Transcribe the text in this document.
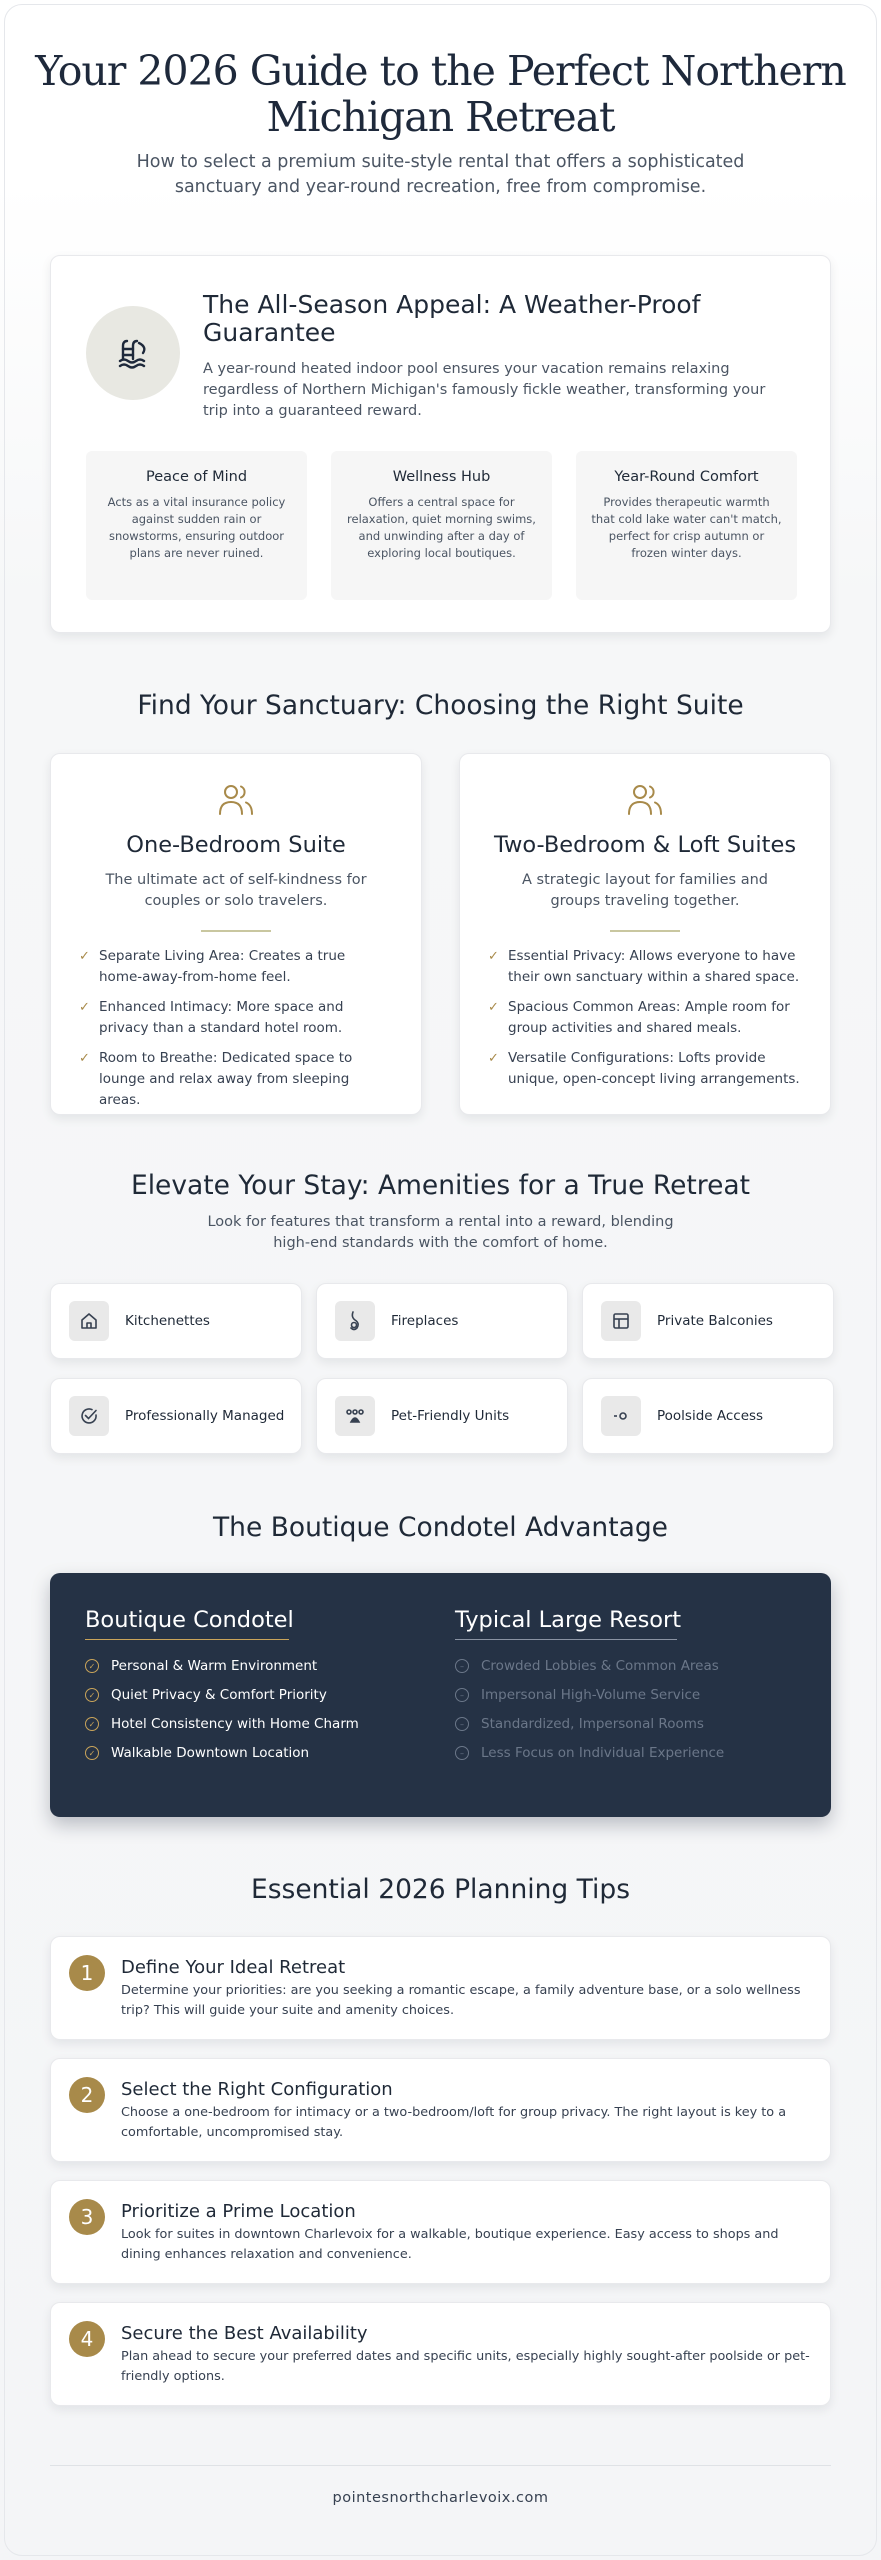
Your 2026 Guide to the Perfect Northern Michigan Retreat

How to select a premium suite-style rental that offers a sophisticated sanctuary and year-round recreation, free from compromise.

The All-Season Appeal: A Weather-Proof Guarantee
A year-round heated indoor pool ensures your vacation remains relaxing regardless of Northern Michigan's famously fickle weather, transforming your trip into a guaranteed reward.
Peace of Mind

Acts as a vital insurance policy against sudden rain or snowstorms, ensuring outdoor plans are never ruined.

Wellness Hub

Offers a central space for relaxation, quiet morning swims, and unwinding after a day of exploring local boutiques.

Year-Round Comfort

Provides therapeutic warmth that cold lake water can't match, perfect for crisp autumn or frozen winter days.

Find Your Sanctuary: Choosing the Right Suite
One-Bedroom Suite

The ultimate act of self-kindness for couples or solo travelers.

✓ Separate Living Area: Creates a true home-away-from-home feel.
✓ Enhanced Intimacy: More space and privacy than a standard hotel room.
✓ Room to Breathe: Dedicated space to lounge and relax away from sleeping areas.
Two-Bedroom & Loft Suites

A strategic layout for families and groups traveling together.

✓ Essential Privacy: Allows everyone to have their own sanctuary within a shared space.
✓ Spacious Common Areas: Ample room for group activities and shared meals.
✓ Versatile Configurations: Lofts provide unique, open-concept living arrangements.
Elevate Your Stay: Amenities for a True Retreat

Look for features that transform a rental into a reward, blending high-end standards with the comfort of home.

Kitchenettes	Fireplaces	Private Balconies
Professionally Managed	Pet-Friendly Units	Poolside Access
The Boutique Condotel Advantage
Boutique Condotel
✓ Personal & Warm Environment
✓ Quiet Privacy & Comfort Priority
✓ Hotel Consistency with Home Charm
✓ Walkable Downtown Location
Typical Large Resort
–	Crowded Lobbies & Common Areas
–	Impersonal High-Volume Service
–	Standardized, Impersonal Rooms
–	Less Focus on Individual Experience
Essential 2026 Planning Tips
1	Define Your Ideal Retreat

Determine your priorities: are you seeking a romantic escape, a family adventure base, or a solo wellness trip? This will guide your suite and amenity choices.

2	Select the Right Configuration

Choose a one-bedroom for intimacy or a two-bedroom/loft for group privacy. The right layout is key to a comfortable, uncompromised stay.

3	Prioritize a Prime Location

Look for suites in downtown Charlevoix for a walkable, boutique experience. Easy access to shops and dining enhances relaxation and convenience.

4	Secure the Best Availability

Plan ahead to secure your preferred dates and specific units, especially highly sought-after poolside or pet-friendly options.

pointesnorthcharlevoix.com
